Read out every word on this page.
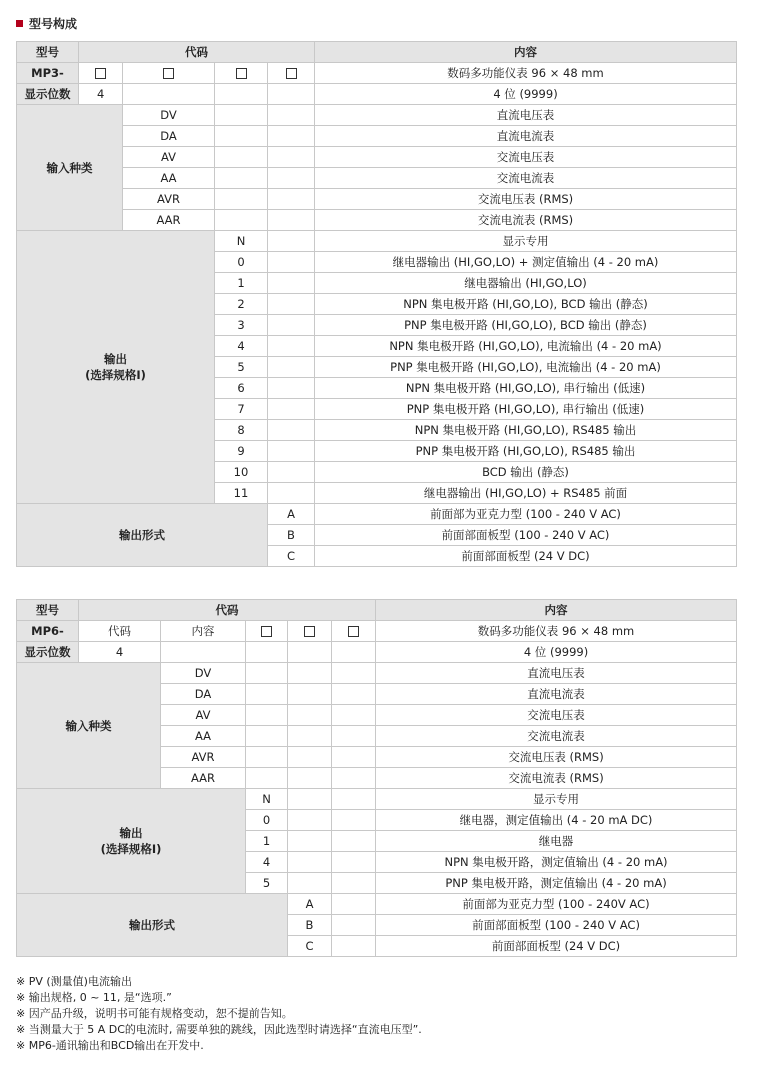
型号构成
型号	代码				内容
MP3-					数码多功能仪表 96 × 48 mm
显示位数	4				4 位 (9999)
输入种类		DV			直流电压表
		DA			直流电流表
		AV			交流电压表
		AA			交流电流表
		AVR			交流电压表 (RMS)
		AAR			交流电流表 (RMS)

输出
(选择规格I)			N		显示专用
			0		继电器输出 (HI,GO,LO) + 测定值输出 (4 - 20 mA)
			1		继电器输出 (HI,GO,LO)
			2		NPN 集电极开路 (HI,GO,LO), BCD 输出 (静态)
			3		PNP 集电极开路 (HI,GO,LO), BCD 输出 (静态)
			4		NPN 集电极开路 (HI,GO,LO), 电流输出 (4 - 20 mA)
			5		PNP 集电极开路 (HI,GO,LO), 电流输出 (4 - 20 mA)
			6		NPN 集电极开路 (HI,GO,LO), 串行输出 (低速)
			7		PNP 集电极开路 (HI,GO,LO), 串行输出 (低速)
			8		NPN 集电极开路 (HI,GO,LO), RS485 输出
			9		PNP 集电极开路 (HI,GO,LO), RS485 输出
			10		BCD 输出 (静态)
			11		继电器输出 (HI,GO,LO) + RS485 前面
输出形式				A	前面部为亚克力型 (100 - 240 V AC)
				B	前面部面板型 (100 - 240 V AC)
				C	前面部面板型 (24 V DC)
型号	代码					内容
MP6-	代码	内容				数码多功能仪表 96 × 48 mm
显示位数	4					4 位 (9999)
输入种类		DV				直流电压表
		DA				直流电流表
		AV				交流电压表
		AA				交流电流表
		AVR				交流电压表 (RMS)
		AAR				交流电流表 (RMS)

输出
(选择规格I)			N			显示专用
			0			继电器，测定值输出 (4 - 20 mA DC)
			1			继电器
			4			NPN 集电极开路，测定值输出 (4 - 20 mA)
			5			PNP 集电极开路，测定值输出 (4 - 20 mA)
输出形式				A		前面部为亚克力型 (100 - 240V AC)
				B		前面部面板型 (100 - 240 V AC)
				C		前面部面板型 (24 V DC)
※ PV (测量值)电流输出
※ 输出规格, 0 ~ 11, 是“选项.”
※ 因产品升级，说明书可能有规格变动，恕不提前告知。
※ 当测量大于 5 A DC的电流时, 需要单独的跳线，因此选型时请选择“直流电压型”.
※ MP6-通讯输出和BCD输出在开发中.
